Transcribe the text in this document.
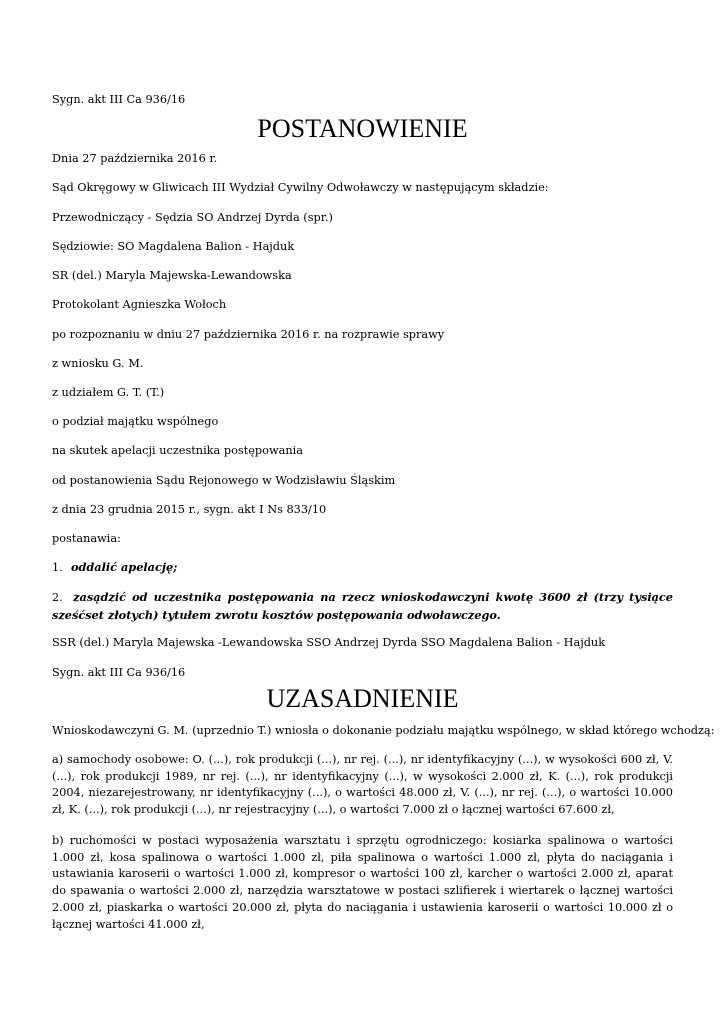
Sygn. akt III Ca 936/16
POSTANOWIENIE
Dnia 27 października 2016 r.
Sąd Okręgowy w Gliwicach III Wydział Cywilny Odwoławczy w następującym składzie:
Przewodniczący - Sędzia SO Andrzej Dyrda (spr.)
Sędziowie: SO Magdalena Balion - Hajduk
SR (del.) Maryla Majewska-Lewandowska
Protokolant Agnieszka Wołoch
po rozpoznaniu w dniu 27 października 2016 r. na rozprawie sprawy
z wniosku G. M.
z udziałem G. T. (T.)
o podział majątku wspólnego
na skutek apelacji uczestnika postępowania
od postanowienia Sądu Rejonowego w Wodzisławiu Śląskim
z dnia 23 grudnia 2015 r., sygn. akt I Ns 833/10
postanawia:
1. oddalić apelację;
2. zasądzić od uczestnika postępowania na rzecz wnioskodawczyni kwotę 3600 zł (trzy tysiące sześćset złotych) tytułem zwrotu kosztów postępowania odwoławczego.
SSR (del.) Maryla Majewska -Lewandowska SSO Andrzej Dyrda SSO Magdalena Balion - Hajduk
Sygn. akt III Ca 936/16
UZASADNIENIE
Wnioskodawczyni G. M. (uprzednio T.) wniosła o dokonanie podziału majątku wspólnego, w skład którego wchodzą:
a) samochody osobowe: O. (...), rok produkcji (...), nr rej. (...), nr identyfikacyjny (...), w wysokości 600 zł, V. (...), rok produkcji 1989, nr rej. (...), nr identyfikacyjny (...), w wysokości 2.000 zł, K. (...), rok produkcji 2004, niezarejestrowany, nr identyfikacyjny (...), o wartości 48.000 zł, V. (...), nr rej. (...), o wartości 10.000 zł, K. (...), rok produkcji (...), nr rejestracyjny (...), o wartości 7.000 zł o łącznej wartości 67.600 zł,
b) ruchomości w postaci wyposażenia warsztatu i sprzętu ogrodniczego: kosiarka spalinowa o wartości 1.000 zł, kosa spalinowa o wartości 1.000 zł, piła spalinowa o wartości 1.000 zł, płyta do naciągania i ustawiania karoserii o wartości 1.000 zł, kompresor o wartości 100 zł, karcher o wartości 2.000 zł, aparat do spawania o wartości 2.000 zł, narzędzia warsztatowe w postaci szlifierek i wiertarek o łącznej wartości 2.000 zł, piaskarka o wartości 20.000 zł, płyta do naciągania i ustawienia karoserii o wartości 10.000 zł o łącznej wartości 41.000 zł,
